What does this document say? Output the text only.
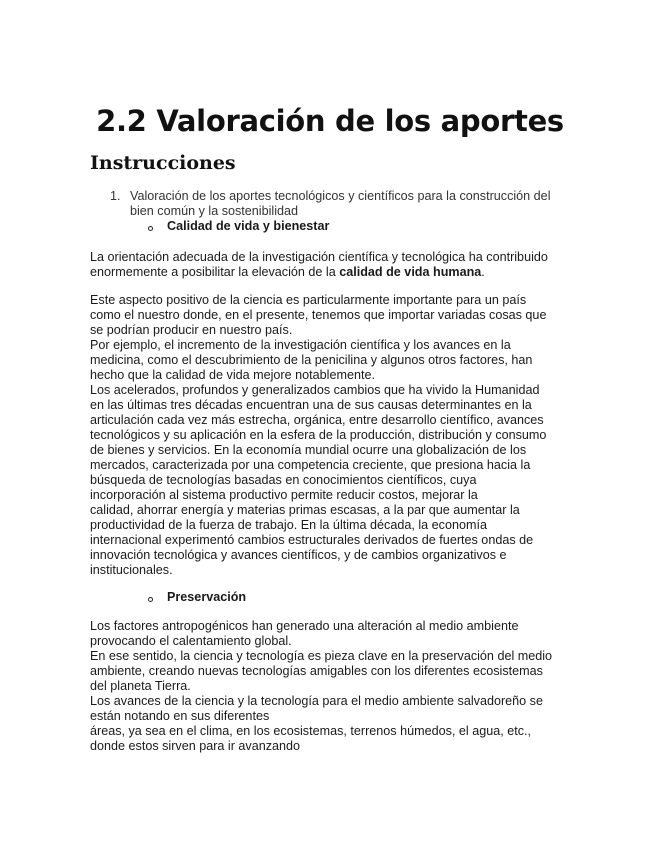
2.2 Valoración de los aportes
Instrucciones
1. Valoración de los aportes tecnológicos y científicos para la construcción del
bien común y la sostenibilidad
Calidad de vida y bienestar
La orientación adecuada de la investigación científica y tecnológica ha contribuido
enormemente a posibilitar la elevación de la calidad de vida humana.
Este aspecto positivo de la ciencia es particularmente importante para un país
como el nuestro donde, en el presente, tenemos que importar variadas cosas que
se podrían producir en nuestro país.
Por ejemplo, el incremento de la investigación científica y los avances en la
medicina, como el descubrimiento de la penicilina y algunos otros factores, han
hecho que la calidad de vida mejore notablemente.
Los acelerados, profundos y generalizados cambios que ha vivido la Humanidad
en las últimas tres décadas encuentran una de sus causas determinantes en la
articulación cada vez más estrecha, orgánica, entre desarrollo científico, avances
tecnológicos y su aplicación en la esfera de la producción, distribución y consumo
de bienes y servicios. En la economía mundial ocurre una globalización de los
mercados, caracterizada por una competencia creciente, que presiona hacia la
búsqueda de tecnologías basadas en conocimientos científicos, cuya
incorporación al sistema productivo permite reducir costos, mejorar la
calidad, ahorrar energía y materias primas escasas, a la par que aumentar la
productividad de la fuerza de trabajo. En la última década, la economía
internacional experimentó cambios estructurales derivados de fuertes ondas de
innovación tecnológica y avances científicos, y de cambios organizativos e
institucionales.
Preservación
Los factores antropogénicos han generado una alteración al medio ambiente
provocando el calentamiento global.
En ese sentido, la ciencia y tecnología es pieza clave en la preservación del medio
ambiente, creando nuevas tecnologías amigables con los diferentes ecosistemas
del planeta Tierra.
Los avances de la ciencia y la tecnología para el medio ambiente salvadoreño se
están notando en sus diferentes
áreas, ya sea en el clima, en los ecosistemas, terrenos húmedos, el agua, etc.,
donde estos sirven para ir avanzando
